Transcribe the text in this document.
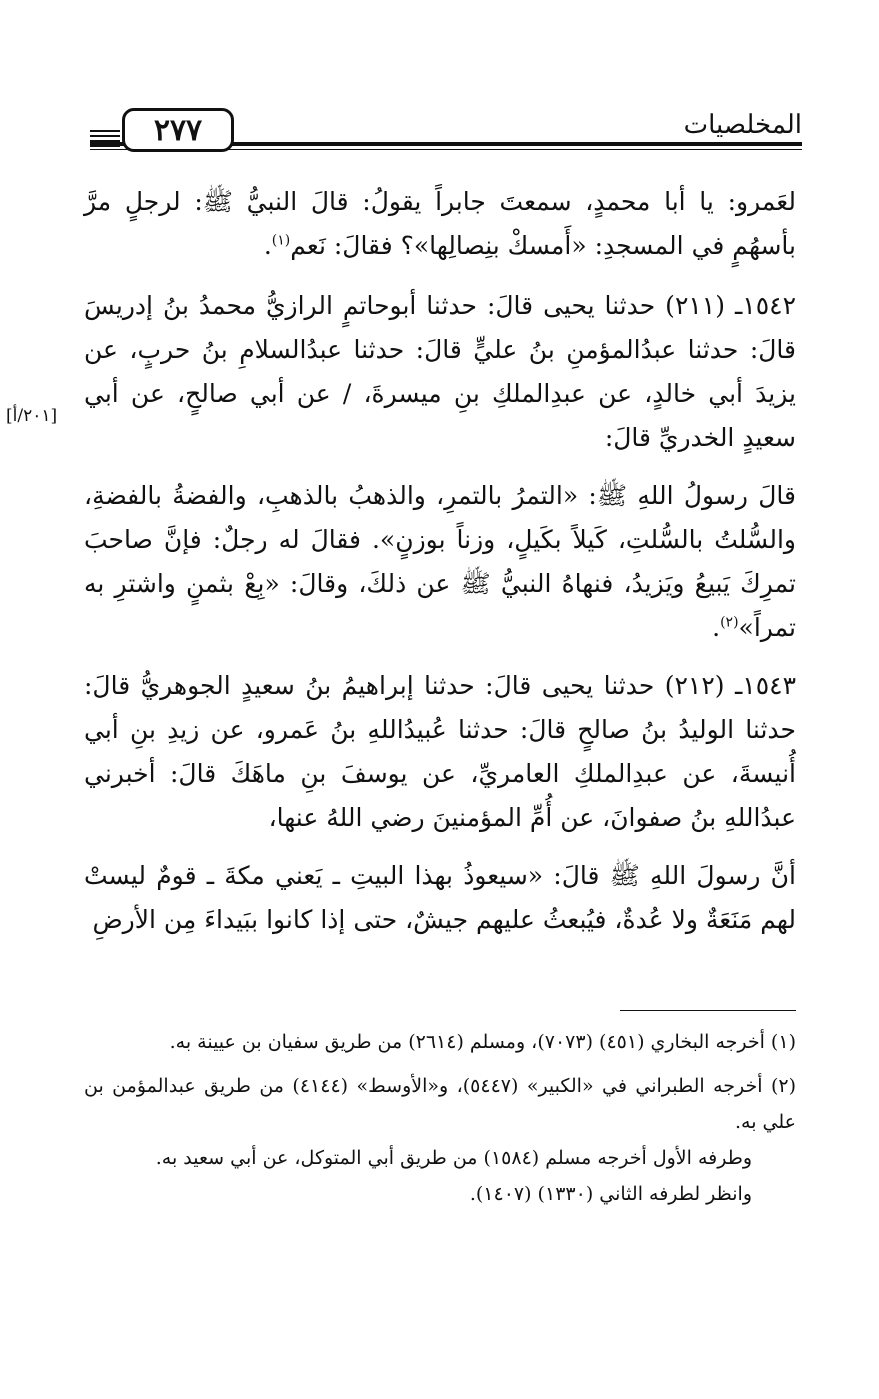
٢٧٧	المخلصيات
[٢٠١/أ]

لعَمرو: يا أبا محمدٍ، سمعتَ جابراً يقولُ: قالَ النبيُّ ﷺ: لرجلٍ مرَّ بأسهُمٍ في المسجدِ: «أَمسكْ بنِصالِها»؟ فقالَ: نَعم$^{(١)}$.

١٥٤٢ـ (٢١١) حدثنا يحيى قالَ: حدثنا أبوحاتمٍ الرازيُّ محمدُ بنُ إدريسَ قالَ: حدثنا عبدُالمؤمنِ بنُ عليٍّ قالَ: حدثنا عبدُالسلامِ بنُ حربٍ، عن يزيدَ أبي خالدٍ، عن عبدِالملكِ بنِ ميسرةَ، / عن أبي صالحٍ، عن أبي سعيدٍ الخدريِّ قالَ:

قالَ رسولُ اللهِ ﷺ: «التمرُ بالتمرِ، والذهبُ بالذهبِ، والفضةُ بالفضةِ، والسُّلتُ بالسُّلتِ، كَيلاً بكَيلٍ، وزناً بوزنٍ». فقالَ له رجلٌ: فإنَّ صاحبَ تمرِكَ يَبيعُ ويَزيدُ، فنهاهُ النبيُّ ﷺ عن ذلكَ، وقالَ: «بِعْ بثمنٍ واشترِ به تمراً»$^{(٢)}$.

١٥٤٣ـ (٢١٢) حدثنا يحيى قالَ: حدثنا إبراهيمُ بنُ سعيدٍ الجوهريُّ قالَ: حدثنا الوليدُ بنُ صالحٍ قالَ: حدثنا عُبيدُاللهِ بنُ عَمرو، عن زيدِ بنِ أبي أُنيسةَ، عن عبدِالملكِ العامريِّ، عن يوسفَ بنِ ماهَكَ قالَ: أخبرني عبدُاللهِ بنُ صفوانَ، عن أُمِّ المؤمنينَ رضي اللهُ عنها،

أنَّ رسولَ اللهِ ﷺ قالَ: «سيعوذُ بهذا البيتِ ـ يَعني مكةَ ـ قومٌ ليستْ لهم مَنَعَةٌ ولا عُدةٌ، فيُبعثُ عليهم جيشٌ، حتى إذا كانوا ببَيداءَ مِن الأرضِ

(١) أخرجه البخاري (٤٥١) (٧٠٧٣)، ومسلم (٢٦١٤) من طريق سفيان بن عيينة به.

(٢) أخرجه الطبراني في «الكبير» (٥٤٤٧)، و«الأوسط» (٤١٤٤) من طريق عبدالمؤمن بن علي به.
وطرفه الأول أخرجه مسلم (١٥٨٤) من طريق أبي المتوكل، عن أبي سعيد به.
وانظر لطرفه الثاني (١٣٣٠) (١٤٠٧).
